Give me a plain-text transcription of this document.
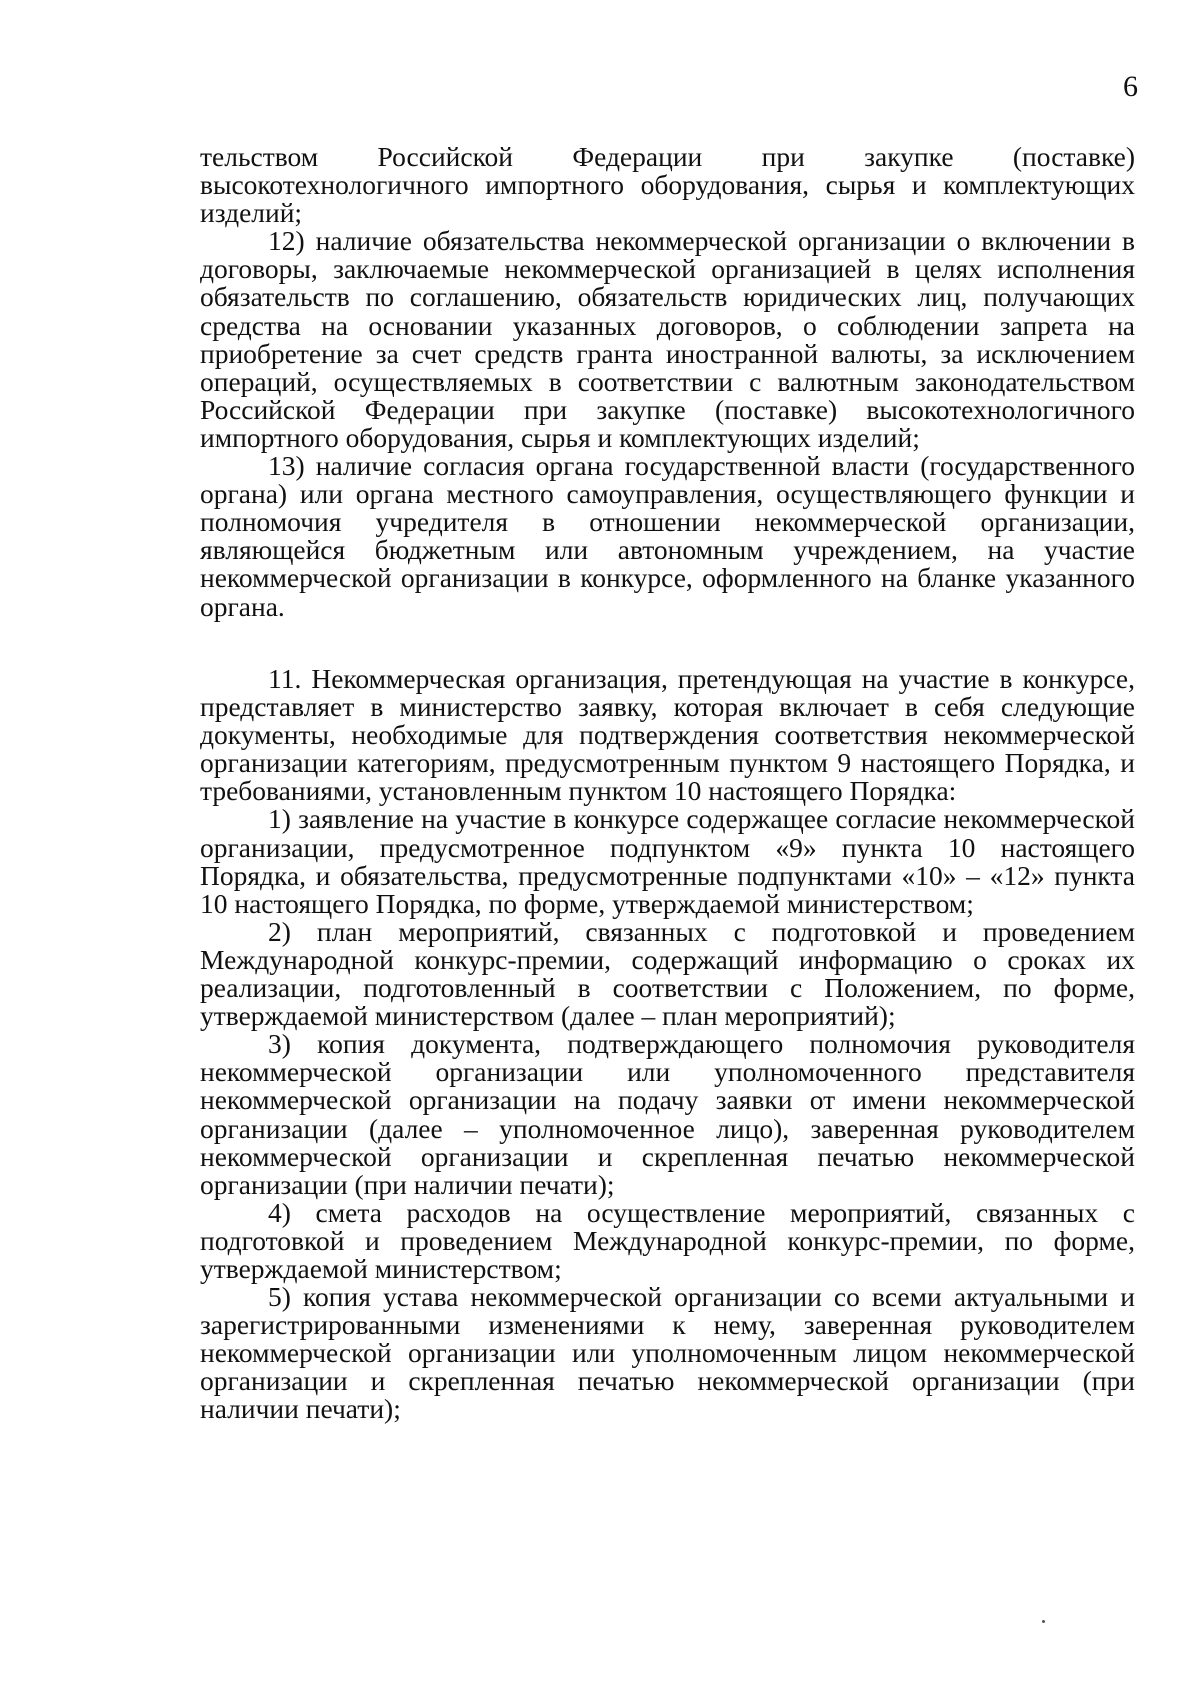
6

тельством Российской Федерации при закупке (поставке) высокотехнологичного импортного оборудования, сырья и комплектующих изделий;

12) наличие обязательства некоммерческой организации о включении в договоры, заключаемые некоммерческой организацией в целях исполнения обязательств по соглашению, обязательств юридических лиц, получающих средства на основании указанных договоров, о соблюдении запрета на приобретение за счет средств гранта иностранной валюты, за исключением операций, осуществляемых в соответствии с валютным законодательством Российской Федерации при закупке (поставке) высокотехнологичного импортного оборудования, сырья и комплектующих изделий;

13) наличие согласия органа государственной власти (государственного органа) или органа местного самоуправления, осуществляющего функции и полномочия учредителя в отношении некоммерческой организации, являющейся бюджетным или автономным учреждением, на участие некоммерческой организации в конкурсе, оформленного на бланке указанного органа.

11. Некоммерческая организация, претендующая на участие в конкурсе, представляет в министерство заявку, которая включает в себя следующие документы, необходимые для подтверждения соответствия некоммерческой организации категориям, предусмотренным пунктом 9 настоящего Порядка, и требованиями, установленным пунктом 10 настоящего Порядка:

1) заявление на участие в конкурсе содержащее согласие некоммерческой организации, предусмотренное подпунктом «9» пункта 10 настоящего Порядка, и обязательства, предусмотренные подпунктами «10» – «12» пункта 10 настоящего Порядка, по форме, утверждаемой министерством;

2) план мероприятий, связанных с подготовкой и проведением Международной конкурс-премии, содержащий информацию о сроках их реализации, подготовленный в соответствии с Положением, по форме, утверждаемой министерством (далее – план мероприятий);

3) копия документа, подтверждающего полномочия руководителя некоммерческой организации или уполномоченного представителя некоммерческой организации на подачу заявки от имени некоммерческой организации (далее – уполномоченное лицо), заверенная руководителем некоммерческой организации и скрепленная печатью некоммерческой организации (при наличии печати);

4) смета расходов на осуществление мероприятий, связанных с подготовкой и проведением Международной конкурс-премии, по форме, утверждаемой министерством;

5) копия устава некоммерческой организации со всеми актуальными и зарегистрированными изменениями к нему, заверенная руководителем некоммерческой организации или уполномоченным лицом некоммерческой организации и скрепленная печатью некоммерческой организации (при наличии печати);
